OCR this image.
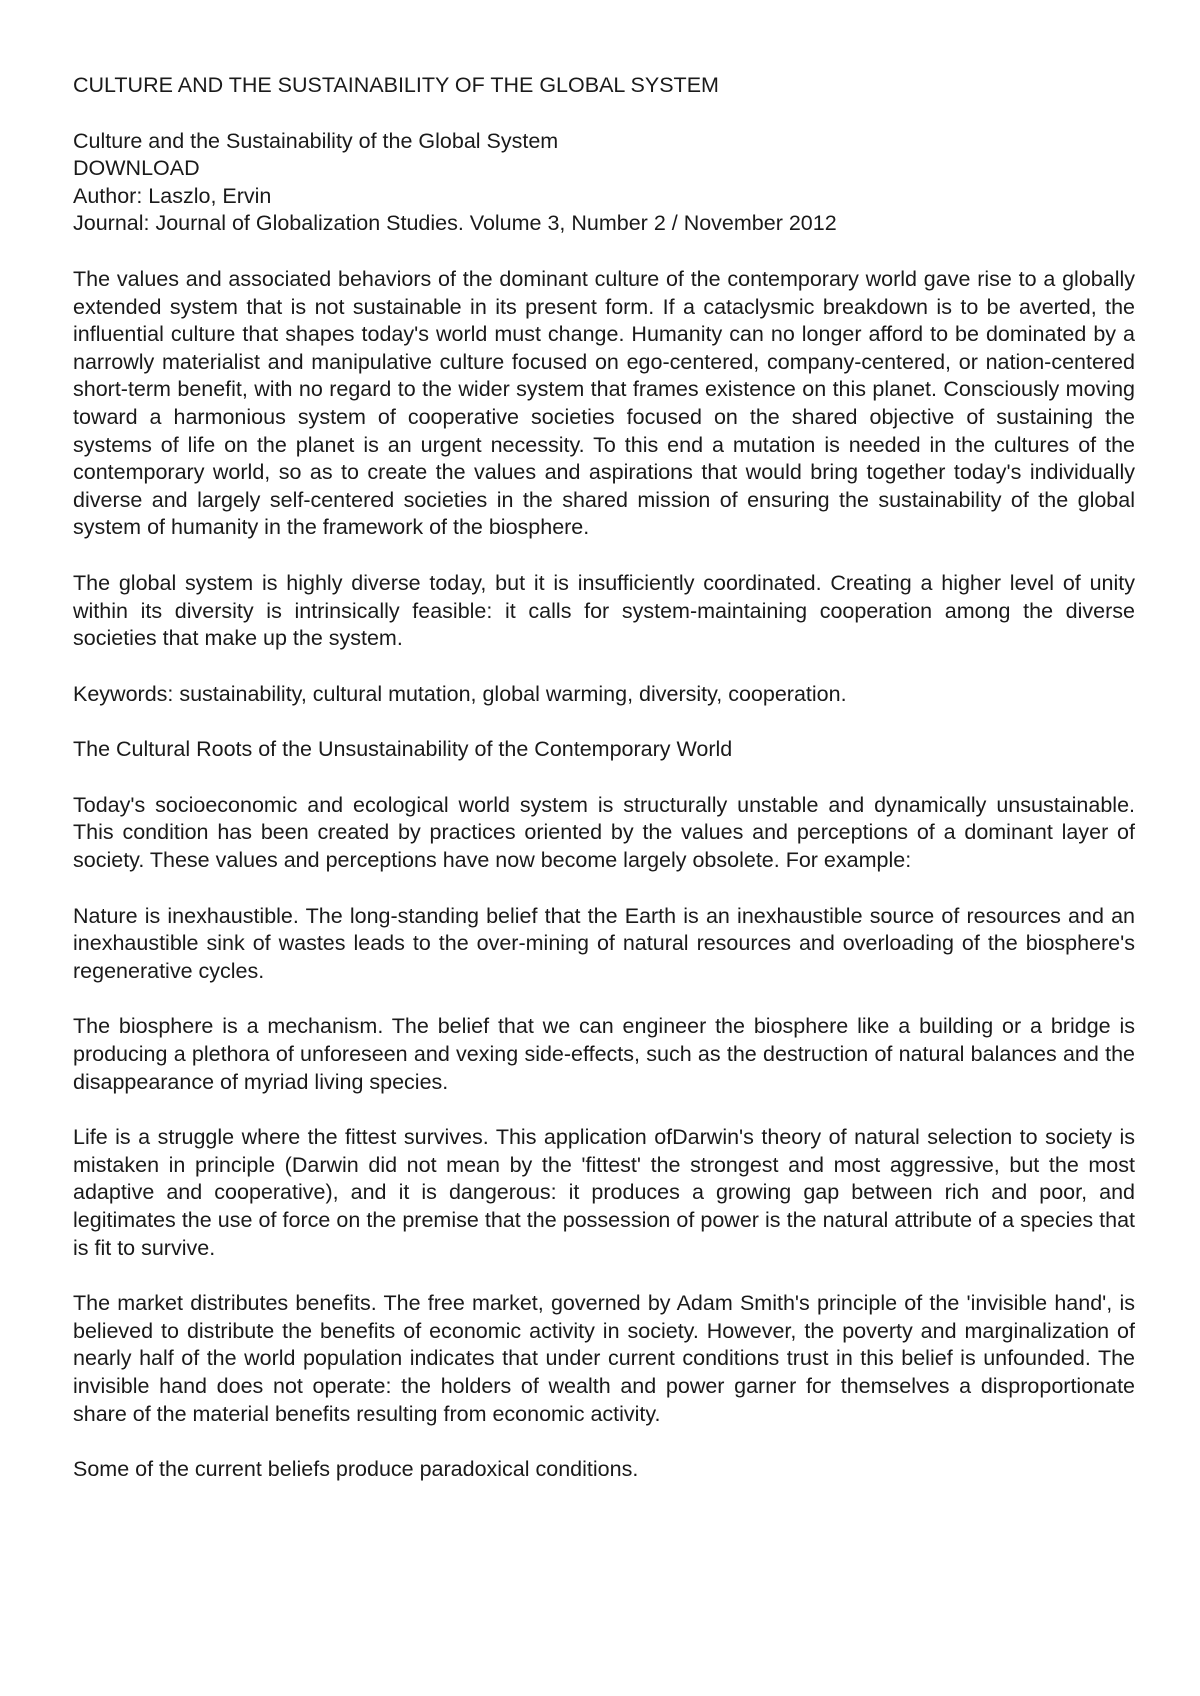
CULTURE AND THE SUSTAINABILITY OF THE GLOBAL SYSTEM

Culture and the Sustainability of the Global System
DOWNLOAD
Author: Laszlo, Ervin
Journal: Journal of Globalization Studies. Volume 3, Number 2 / November 2012

The values and associated behaviors of the dominant culture of the contemporary world gave rise to a globally extended system that is not sustainable in its present form. If a cataclysmic breakdown is to be averted, the influential culture that shapes today's world must change. Humanity can no longer afford to be dominated by a narrowly materialist and manipulative culture focused on ego-centered, company-centered, or nation-centered short-term benefit, with no regard to the wider system that frames existence on this planet. Consciously moving toward a harmonious system of cooperative societies focused on the shared objective of sustaining the systems of life on the planet is an urgent necessity. To this end a mutation is needed in the cultures of the contemporary world, so as to create the values and aspirations that would bring together today's individually diverse and largely self-centered societies in the shared mission of ensuring the sustainability of the global system of humanity in the framework of the biosphere.

The global system is highly diverse today, but it is insufficiently coordinated. Creating a higher level of unity within its diversity is intrinsically feasible: it calls for system-maintaining cooperation among the diverse societies that make up the system.

Keywords: sustainability, cultural mutation, global warming, diversity, cooperation.

The Cultural Roots of the Unsustainability of the Contemporary World

Today's socioeconomic and ecological world system is structurally unstable and dynamically unsustainable. This condition has been created by practices oriented by the values and perceptions of a dominant layer of society. These values and perceptions have now become largely obsolete. For example:

Nature is inexhaustible. The long-standing belief that the Earth is an inexhaustible source of resources and an inexhaustible sink of wastes leads to the over-mining of natural resources and overloading of the biosphere's regenerative cycles.

The biosphere is a mechanism. The belief that we can engineer the biosphere like a building or a bridge is producing a plethora of unforeseen and vexing side-effects, such as the destruction of natural balances and the disappearance of myriad living species.

Life is a struggle where the fittest survives. This application ofDarwin's theory of natural selection to society is mistaken in principle (Darwin did not mean by the 'fittest' the strongest and most aggressive, but the most adaptive and cooperative), and it is dangerous: it produces a growing gap between rich and poor, and legitimates the use of force on the premise that the possession of power is the natural attribute of a species that is fit to survive.

The market distributes benefits. The free market, governed by Adam Smith's principle of the 'invisible hand', is believed to distribute the benefits of economic activity in society. However, the poverty and marginalization of nearly half of the world population indicates that under current conditions trust in this belief is unfounded. The invisible hand does not operate: the holders of wealth and power garner for themselves a disproportionate share of the material benefits resulting from economic activity.

Some of the current beliefs produce paradoxical conditions.
